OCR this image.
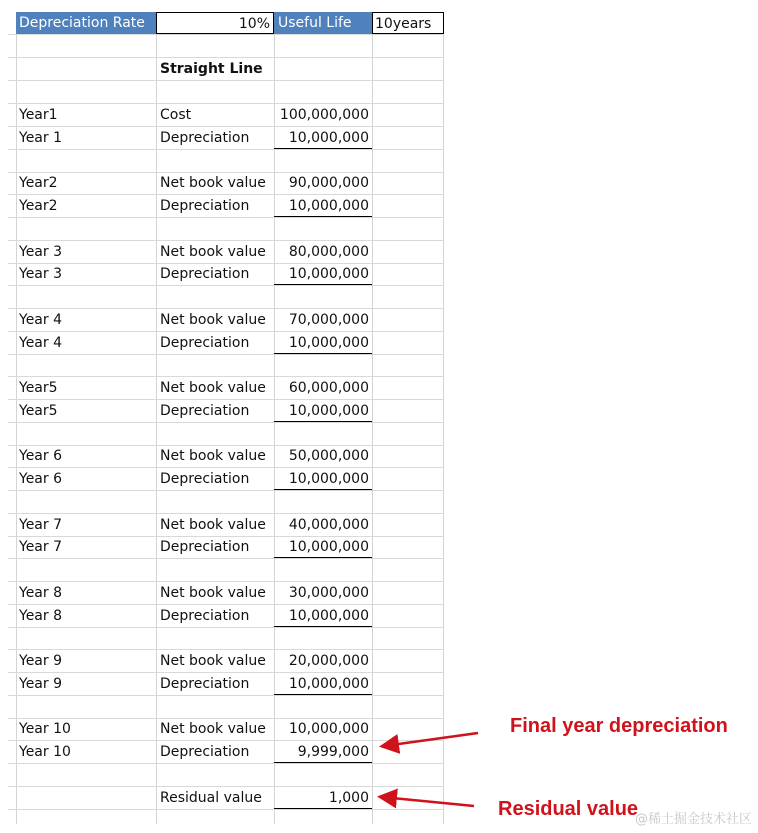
Depreciation Rate	10% Useful Life	10years
Straight Line
Year1	Cost	100,000,000
Year 1	Depreciation	10,000,000
Year2	Net book value	90,000,000
Year2	Depreciation	10,000,000
Year 3	Net book value	80,000,000
Year 3	Depreciation	10,000,000
Year 4	Net book value	70,000,000
Year 4	Depreciation	10,000,000
Year5	Net book value	60,000,000
Year5	Depreciation	10,000,000
Year 6	Net book value	50,000,000
Year 6	Depreciation	10,000,000
Year 7	Net book value	40,000,000
Year 7	Depreciation	10,000,000
Year 8	Net book value	30,000,000
Year 8	Depreciation	10,000,000
Year 9	Net book value	20,000,000
Year 9	Depreciation	10,000,000
Year 10	Net book value	10,000,000
Year 10	Depreciation	9,999,000
Residual value	1,000
Final year depreciation
Residual value
@稀土掘金技术社区
